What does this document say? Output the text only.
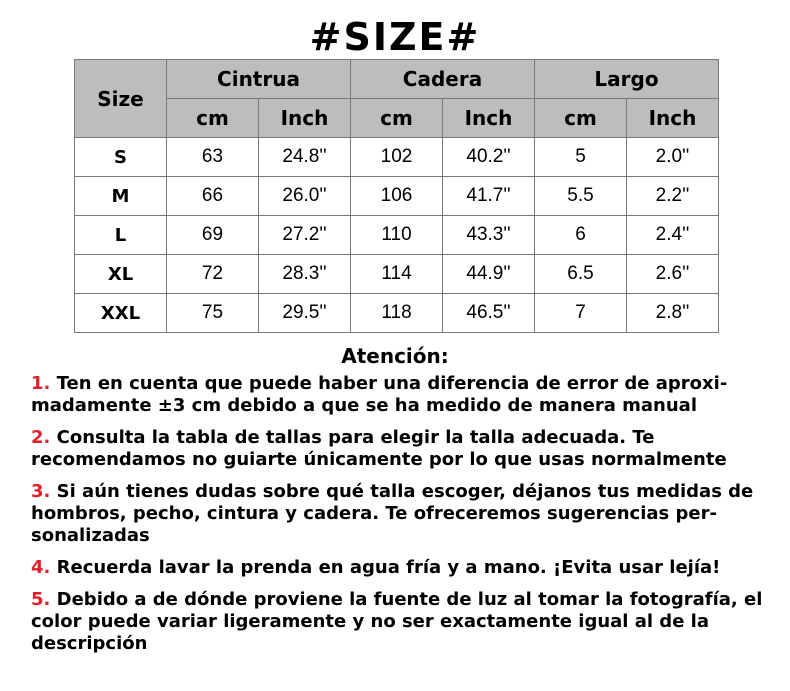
#SIZE#
Size	Cintrua		Cadera		Largo	
	cm	Inch	cm	Inch	cm	Inch
S	63	24.8''	102	40.2''	5	2.0''
M	66	26.0''	106	41.7''	5.5	2.2''
L	69	27.2''	110	43.3''	6	2.4''
XL	72	28.3''	114	44.9''	6.5	2.6''
XXL	75	29.5''	118	46.5''	7	2.8''
Atención:
1. Ten en cuenta que puede haber una diferencia de error de aproxi-madamente ±3 cm debido a que se ha medido de manera manual
2. Consulta la tabla de tallas para elegir la talla adecuada. Te recomendamos no guiarte únicamente por lo que usas normalmente
3. Si aún tienes dudas sobre qué talla escoger, déjanos tus medidas de hombros, pecho, cintura y cadera. Te ofreceremos sugerencias per-sonalizadas
4. Recuerda lavar la prenda en agua fría y a mano. ¡Evita usar lejía!
5. Debido a de dónde proviene la fuente de luz al tomar la fotografía, el color puede variar ligeramente y no ser exactamente igual al de la descripción
